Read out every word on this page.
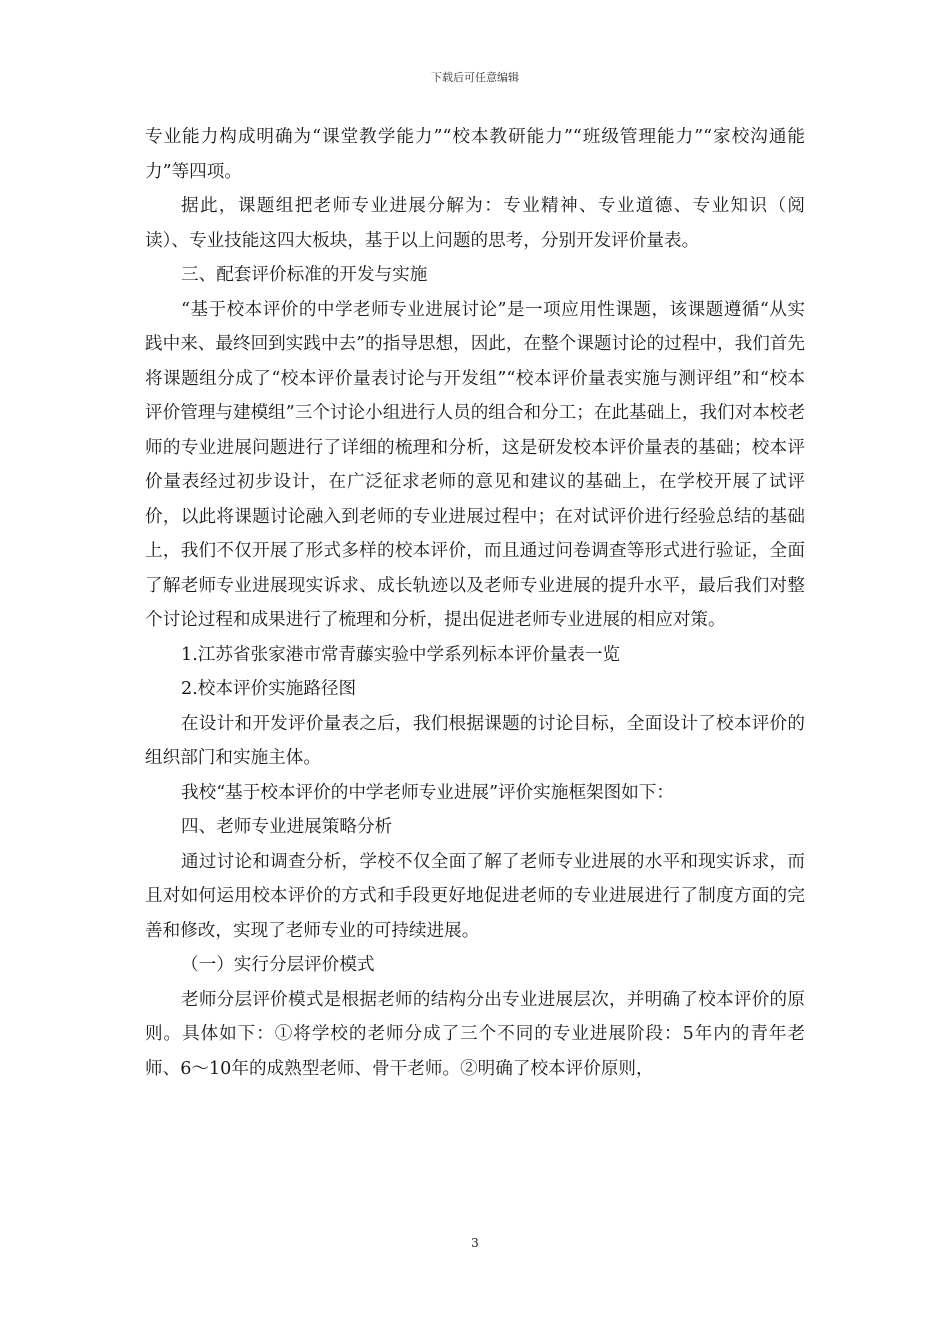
下载后可任意编辑

专业能力构成明确为“课堂教学能力”“校本教研能力”“班级管理能力”“家校沟通能力”等四项。

据此，课题组把老师专业进展分解为：专业精神、专业道德、专业知识（阅读）、专业技能这四大板块，基于以上问题的思考，分别开发评价量表。

三、配套评价标准的开发与实施

“基于校本评价的中学老师专业进展讨论”是一项应用性课题，该课题遵循“从实践中来、最终回到实践中去”的指导思想，因此，在整个课题讨论的过程中，我们首先将课题组分成了“校本评价量表讨论与开发组”“校本评价量表实施与测评组”和“校本评价管理与建模组”三个讨论小组进行人员的组合和分工；在此基础上，我们对本校老师的专业进展问题进行了详细的梳理和分析，这是研发校本评价量表的基础；校本评价量表经过初步设计，在广泛征求老师的意见和建议的基础上，在学校开展了试评价，以此将课题讨论融入到老师的专业进展过程中；在对试评价进行经验总结的基础上，我们不仅开展了形式多样的校本评价，而且通过问卷调查等形式进行验证，全面了解老师专业进展现实诉求、成长轨迹以及老师专业进展的提升水平，最后我们对整个讨论过程和成果进行了梳理和分析，提出促进老师专业进展的相应对策。

1.江苏省张家港市常青藤实验中学系列标本评价量表一览

2.校本评价实施路径图

在设计和开发评价量表之后，我们根据课题的讨论目标，全面设计了校本评价的组织部门和实施主体。

我校“基于校本评价的中学老师专业进展”评价实施框架图如下：

四、老师专业进展策略分析

通过讨论和调查分析，学校不仅全面了解了老师专业进展的水平和现实诉求，而且对如何运用校本评价的方式和手段更好地促进老师的专业进展进行了制度方面的完善和修改，实现了老师专业的可持续进展。

（一）实行分层评价模式

老师分层评价模式是根据老师的结构分出专业进展层次，并明确了校本评价的原则。具体如下：①将学校的老师分成了三个不同的专业进展阶段：5年内的青年老师、6～10年的成熟型老师、骨干老师。②明确了校本评价原则，

3
